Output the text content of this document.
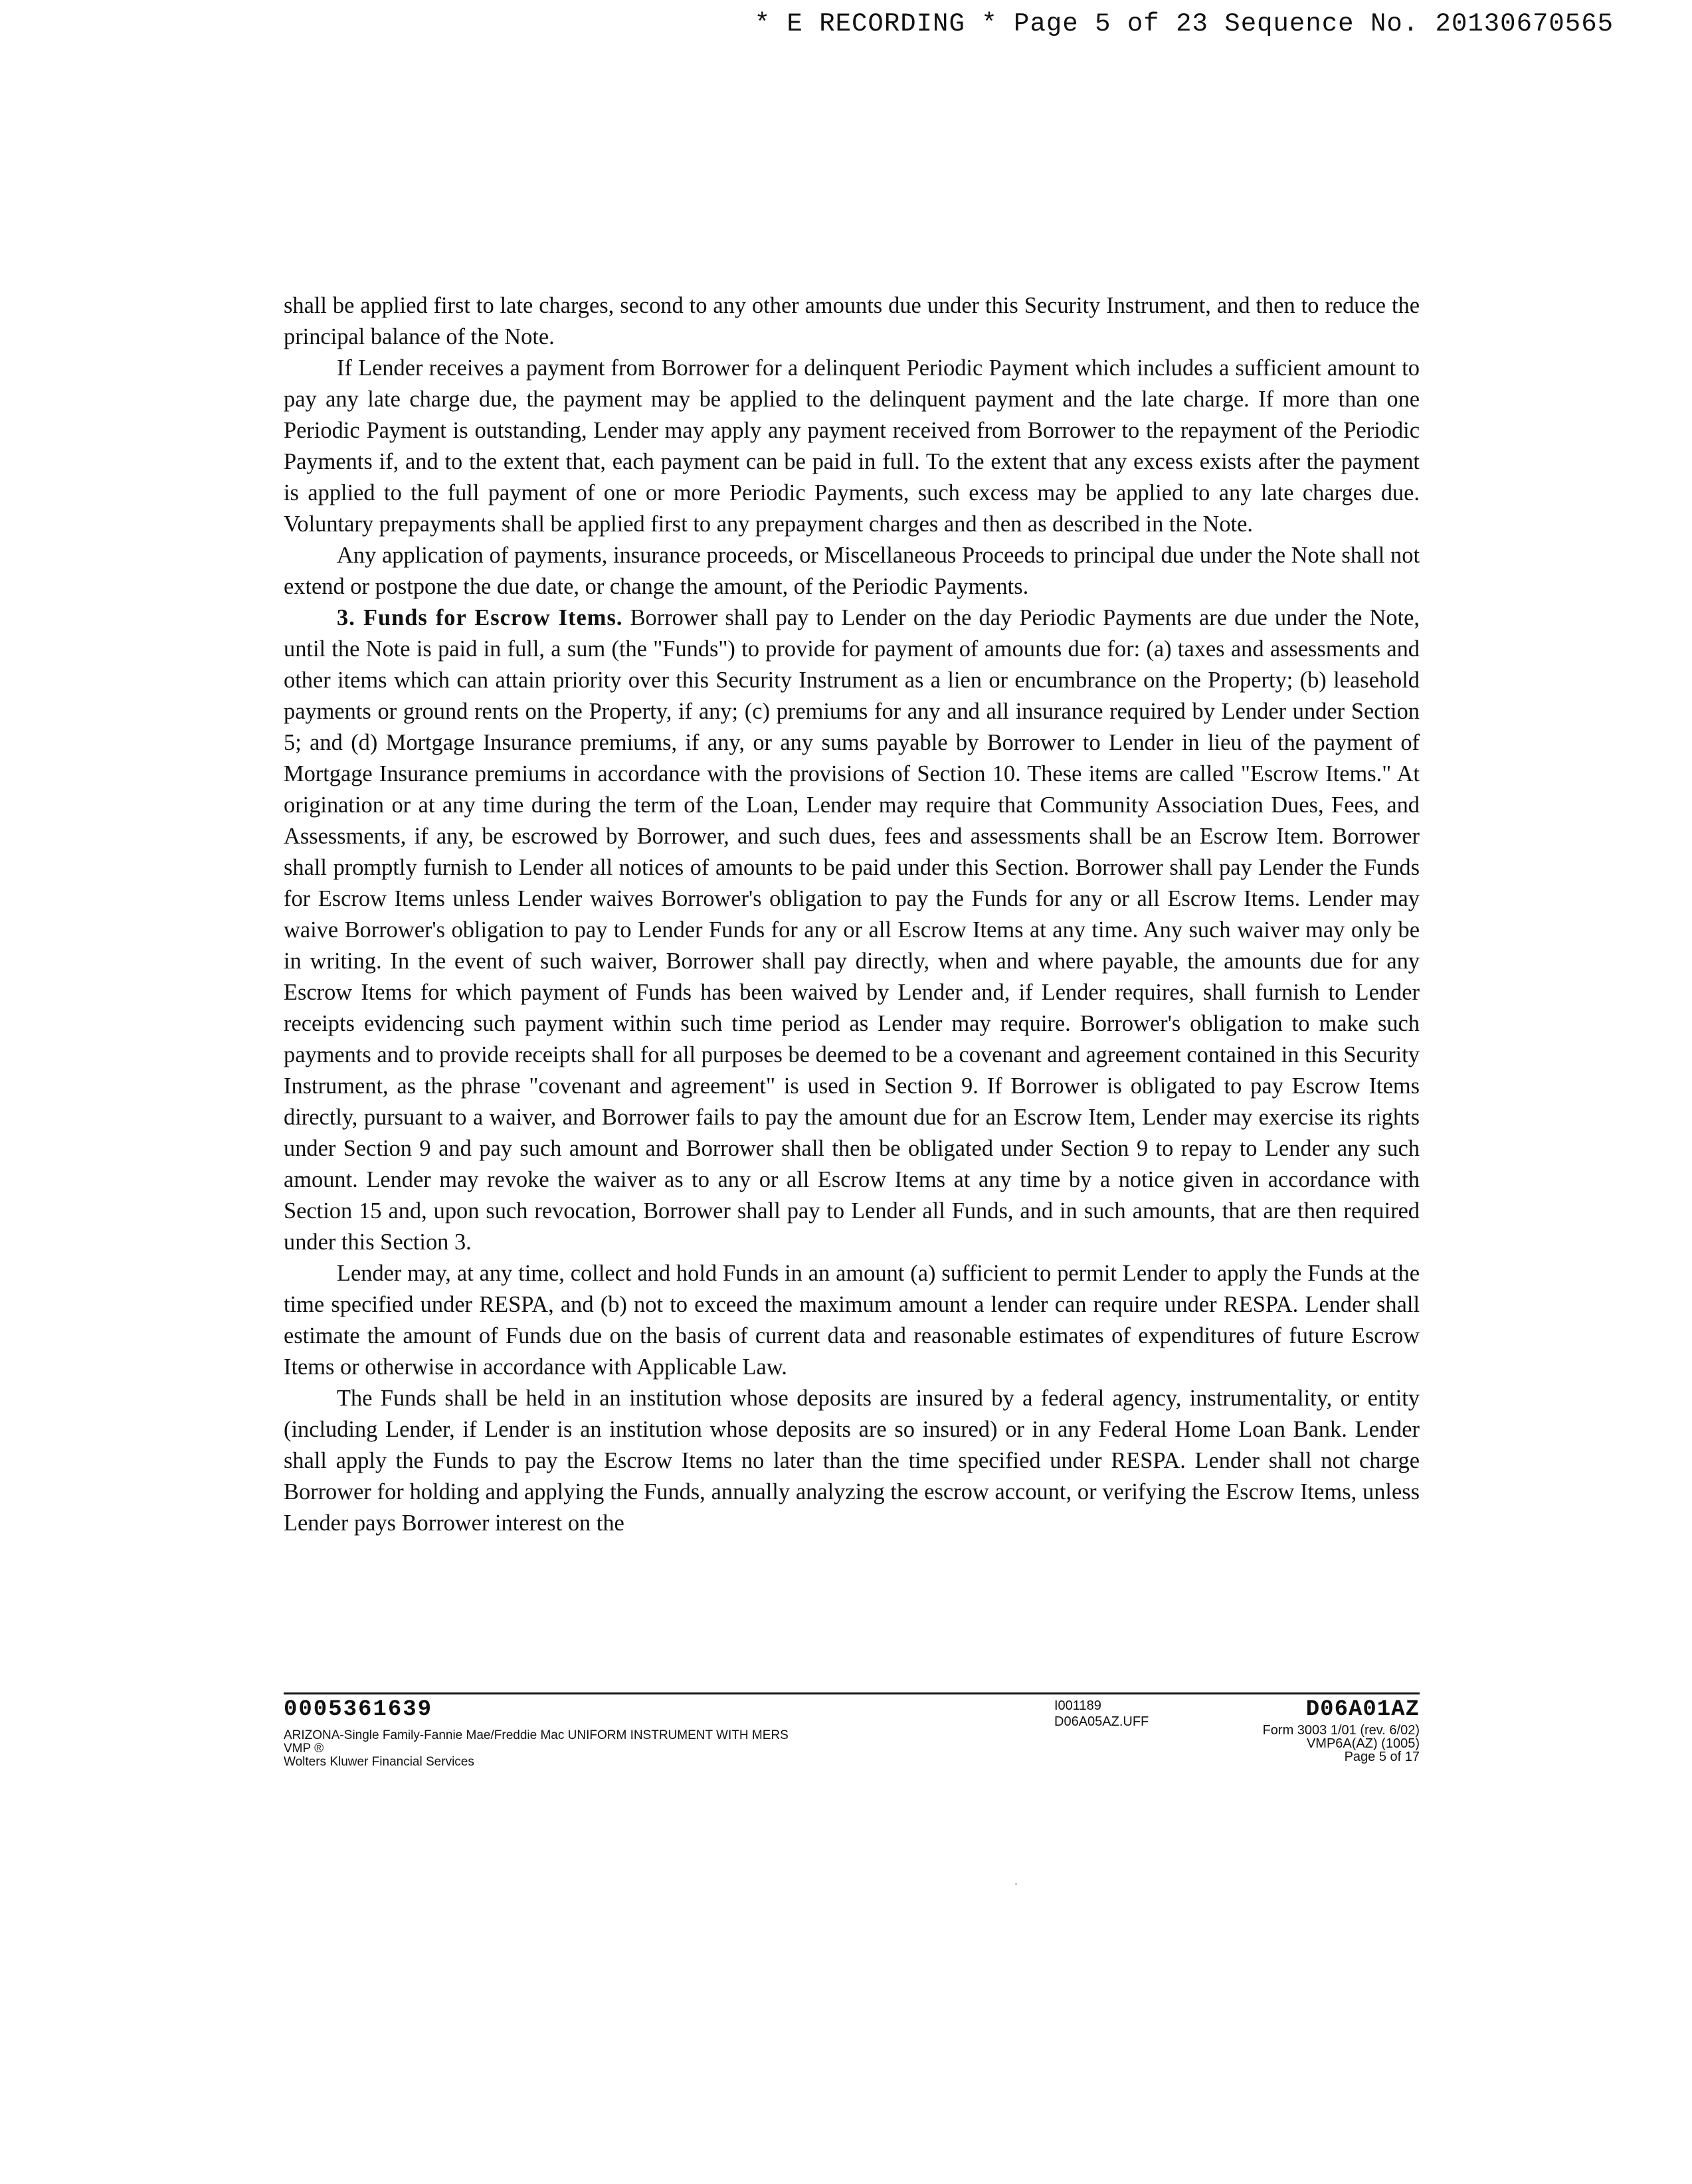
* E RECORDING * Page 5 of 23 Sequence No. 20130670565

shall be applied first to late charges, second to any other amounts due under this Security Instrument, and then to reduce the principal balance of the Note.

If Lender receives a payment from Borrower for a delinquent Periodic Payment which includes a sufficient amount to pay any late charge due, the payment may be applied to the delinquent payment and the late charge. If more than one Periodic Payment is outstanding, Lender may apply any payment received from Borrower to the repayment of the Periodic Payments if, and to the extent that, each payment can be paid in full. To the extent that any excess exists after the payment is applied to the full payment of one or more Periodic Payments, such excess may be applied to any late charges due. Voluntary prepayments shall be applied first to any prepayment charges and then as described in the Note.

Any application of payments, insurance proceeds, or Miscellaneous Proceeds to principal due under the Note shall not extend or postpone the due date, or change the amount, of the Periodic Payments.

3. Funds for Escrow Items. Borrower shall pay to Lender on the day Periodic Payments are due under the Note, until the Note is paid in full, a sum (the "Funds") to provide for payment of amounts due for: (a) taxes and assessments and other items which can attain priority over this Security Instrument as a lien or encumbrance on the Property; (b) leasehold payments or ground rents on the Property, if any; (c) premiums for any and all insurance required by Lender under Section 5; and (d) Mortgage Insurance premiums, if any, or any sums payable by Borrower to Lender in lieu of the payment of Mortgage Insurance premiums in accordance with the provisions of Section 10. These items are called "Escrow Items." At origination or at any time during the term of the Loan, Lender may require that Community Association Dues, Fees, and Assessments, if any, be escrowed by Borrower, and such dues, fees and assessments shall be an Escrow Item. Borrower shall promptly furnish to Lender all notices of amounts to be paid under this Section. Borrower shall pay Lender the Funds for Escrow Items unless Lender waives Borrower's obligation to pay the Funds for any or all Escrow Items. Lender may waive Borrower's obligation to pay to Lender Funds for any or all Escrow Items at any time. Any such waiver may only be in writing. In the event of such waiver, Borrower shall pay directly, when and where payable, the amounts due for any Escrow Items for which payment of Funds has been waived by Lender and, if Lender requires, shall furnish to Lender receipts evidencing such payment within such time period as Lender may require. Borrower's obligation to make such payments and to provide receipts shall for all purposes be deemed to be a covenant and agreement contained in this Security Instrument, as the phrase "covenant and agreement" is used in Section 9. If Borrower is obligated to pay Escrow Items directly, pursuant to a waiver, and Borrower fails to pay the amount due for an Escrow Item, Lender may exercise its rights under Section 9 and pay such amount and Borrower shall then be obligated under Section 9 to repay to Lender any such amount. Lender may revoke the waiver as to any or all Escrow Items at any time by a notice given in accordance with Section 15 and, upon such revocation, Borrower shall pay to Lender all Funds, and in such amounts, that are then required under this Section 3.

Lender may, at any time, collect and hold Funds in an amount (a) sufficient to permit Lender to apply the Funds at the time specified under RESPA, and (b) not to exceed the maximum amount a lender can require under RESPA. Lender shall estimate the amount of Funds due on the basis of current data and reasonable estimates of expenditures of future Escrow Items or otherwise in accordance with Applicable Law.

The Funds shall be held in an institution whose deposits are insured by a federal agency, instrumentality, or entity (including Lender, if Lender is an institution whose deposits are so insured) or in any Federal Home Loan Bank. Lender shall apply the Funds to pay the Escrow Items no later than the time specified under RESPA. Lender shall not charge Borrower for holding and applying the Funds, annually analyzing the escrow account, or verifying the Escrow Items, unless Lender pays Borrower interest on the

0005361639
ARIZONA-Single Family-Fannie Mae/Freddie Mac UNIFORM INSTRUMENT WITH MERS
VMP ®
Wolters Kluwer Financial Services
I001189
D06A05AZ.UFF	D06A01AZ
Form 3003 1/01 (rev. 6/02)
VMP6A(AZ) (1005)
Page 5 of 17
